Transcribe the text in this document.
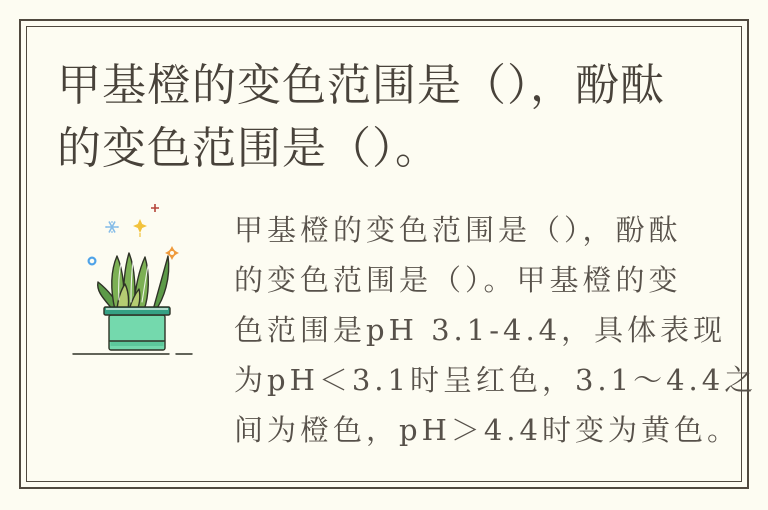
甲基橙的变色范围是（），酚酞
的变色范围是（）。
甲基橙的变色范围是（），酚酞
的变色范围是（）。甲基橙的变
色范围是pH 3.1-4.4，具体表现
为pH＜3.1时呈红色，3.1～4.4之
间为橙色，pH＞4.4时变为黄色。
